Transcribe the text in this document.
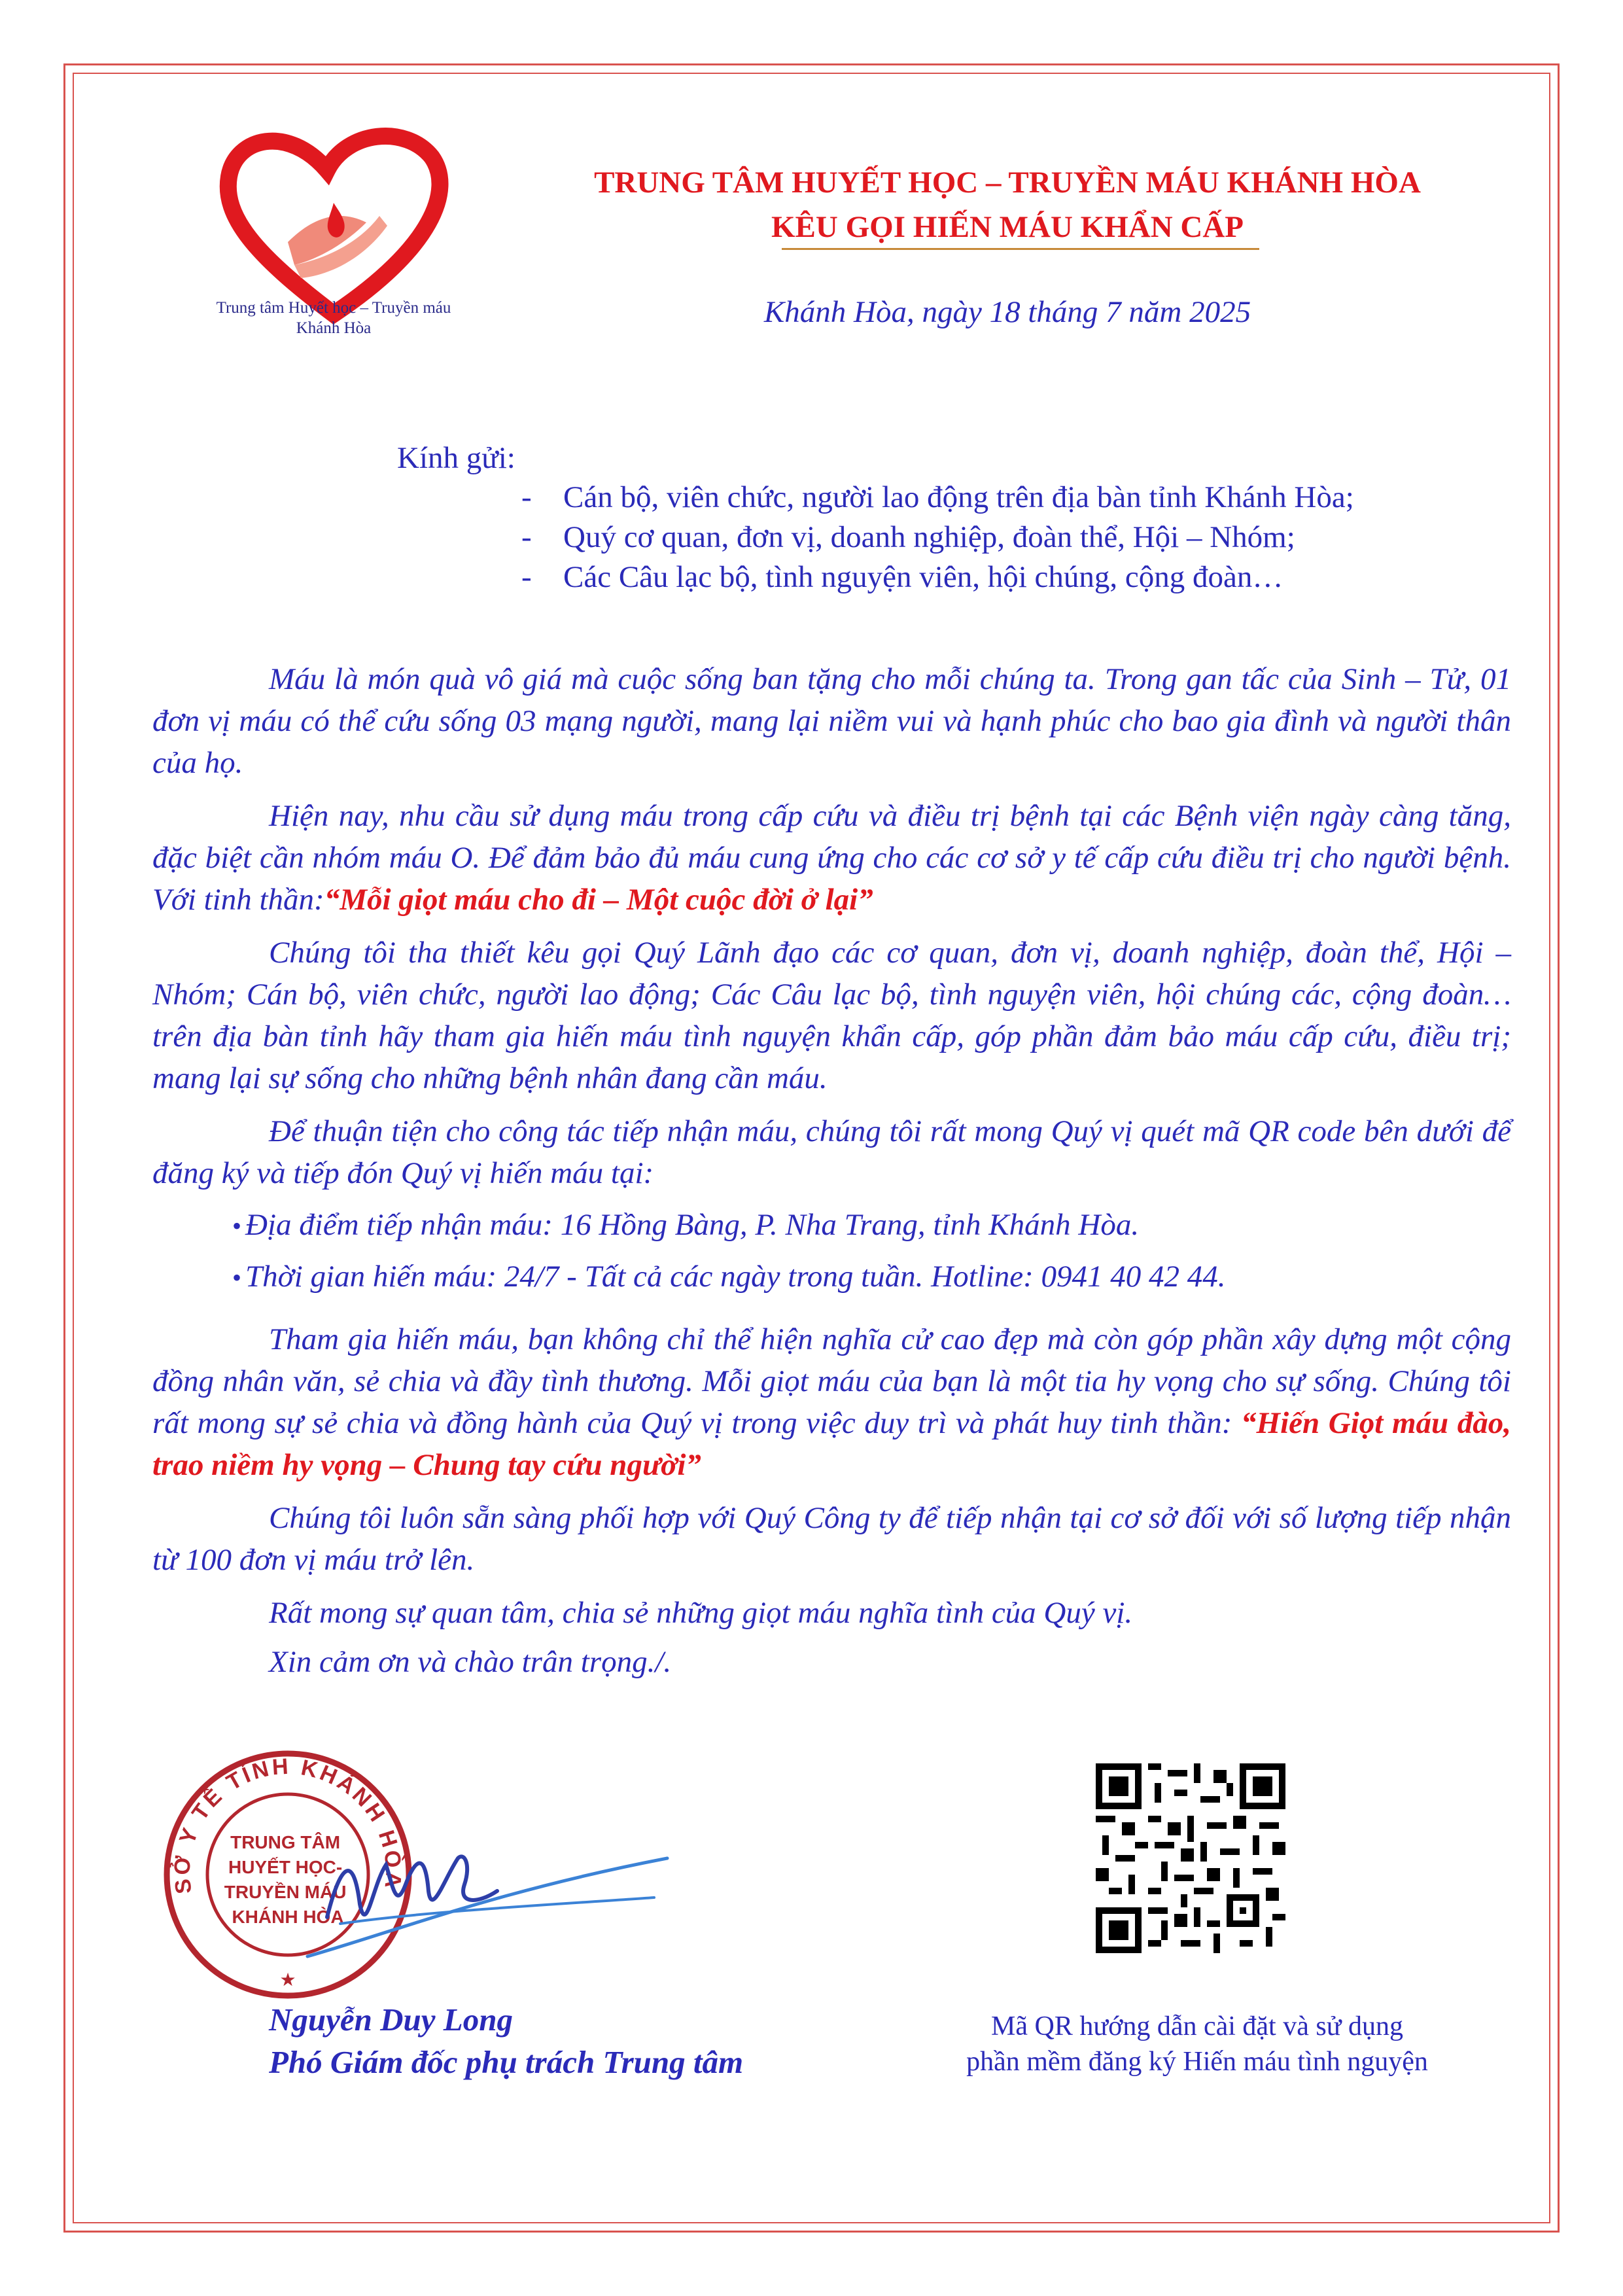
Trung tâm Huyết học – Truyền máu
Khánh Hòa
TRUNG TÂM HUYẾT HỌC – TRUYỀN MÁU KHÁNH HÒA
KÊU GỌI HIẾN MÁU KHẨN CẤP
Khánh Hòa, ngày 18 tháng 7 năm 2025
Kính gửi:
- Cán bộ, viên chức, người lao động trên địa bàn tỉnh Khánh Hòa;
- Quý cơ quan, đơn vị, doanh nghiệp, đoàn thể, Hội – Nhóm;
- Các Câu lạc bộ, tình nguyện viên, hội chúng, cộng đoàn…
Máu là món quà vô giá mà cuộc sống ban tặng cho mỗi chúng ta. Trong gan tấc của Sinh – Tử, 01 đơn vị máu có thể cứu sống 03 mạng người, mang lại niềm vui và hạnh phúc cho bao gia đình và người thân của họ.
Hiện nay, nhu cầu sử dụng máu trong cấp cứu và điều trị bệnh tại các Bệnh viện ngày càng tăng, đặc biệt cần nhóm máu O. Để đảm bảo đủ máu cung ứng cho các cơ sở y tế cấp cứu điều trị cho người bệnh. Với tinh thần:“Mỗi giọt máu cho đi – Một cuộc đời ở lại”
Chúng tôi tha thiết kêu gọi Quý Lãnh đạo các cơ quan, đơn vị, doanh nghiệp, đoàn thể, Hội – Nhóm; Cán bộ, viên chức, người lao động; Các Câu lạc bộ, tình nguyện viên, hội chúng các, cộng đoàn… trên địa bàn tỉnh hãy tham gia hiến máu tình nguyện khẩn cấp, góp phần đảm bảo máu cấp cứu, điều trị; mang lại sự sống cho những bệnh nhân đang cần máu.
Để thuận tiện cho công tác tiếp nhận máu, chúng tôi rất mong Quý vị quét mã QR code bên dưới để đăng ký và tiếp đón Quý vị hiến máu tại:
• Địa điểm tiếp nhận máu: 16 Hồng Bàng, P. Nha Trang, tỉnh Khánh Hòa.
• Thời gian hiến máu: 24/7 - Tất cả các ngày trong tuần. Hotline: 0941 40 42 44.
Tham gia hiến máu, bạn không chỉ thể hiện nghĩa cử cao đẹp mà còn góp phần xây dựng một cộng đồng nhân văn, sẻ chia và đầy tình thương. Mỗi giọt máu của bạn là một tia hy vọng cho sự sống. Chúng tôi rất mong sự sẻ chia và đồng hành của Quý vị trong việc duy trì và phát huy tinh thần: “Hiến Giọt máu đào, trao niềm hy vọng – Chung tay cứu người”
Chúng tôi luôn sẵn sàng phối hợp với Quý Công ty để tiếp nhận tại cơ sở đối với số lượng tiếp nhận từ 100 đơn vị máu trở lên.
Rất mong sự quan tâm, chia sẻ những giọt máu nghĩa tình của Quý vị.
Xin cảm ơn và chào trân trọng./.
SỞ Y TẾ TỈNH KHÁNH HÒA
TRUNG TÂM HUYẾT HỌC- TRUYỀN MÁU KHÁNH HÒA
★
Nguyễn Duy Long
Phó Giám đốc phụ trách Trung tâm
Mã QR hướng dẫn cài đặt và sử dụng
phần mềm đăng ký Hiến máu tình nguyện
